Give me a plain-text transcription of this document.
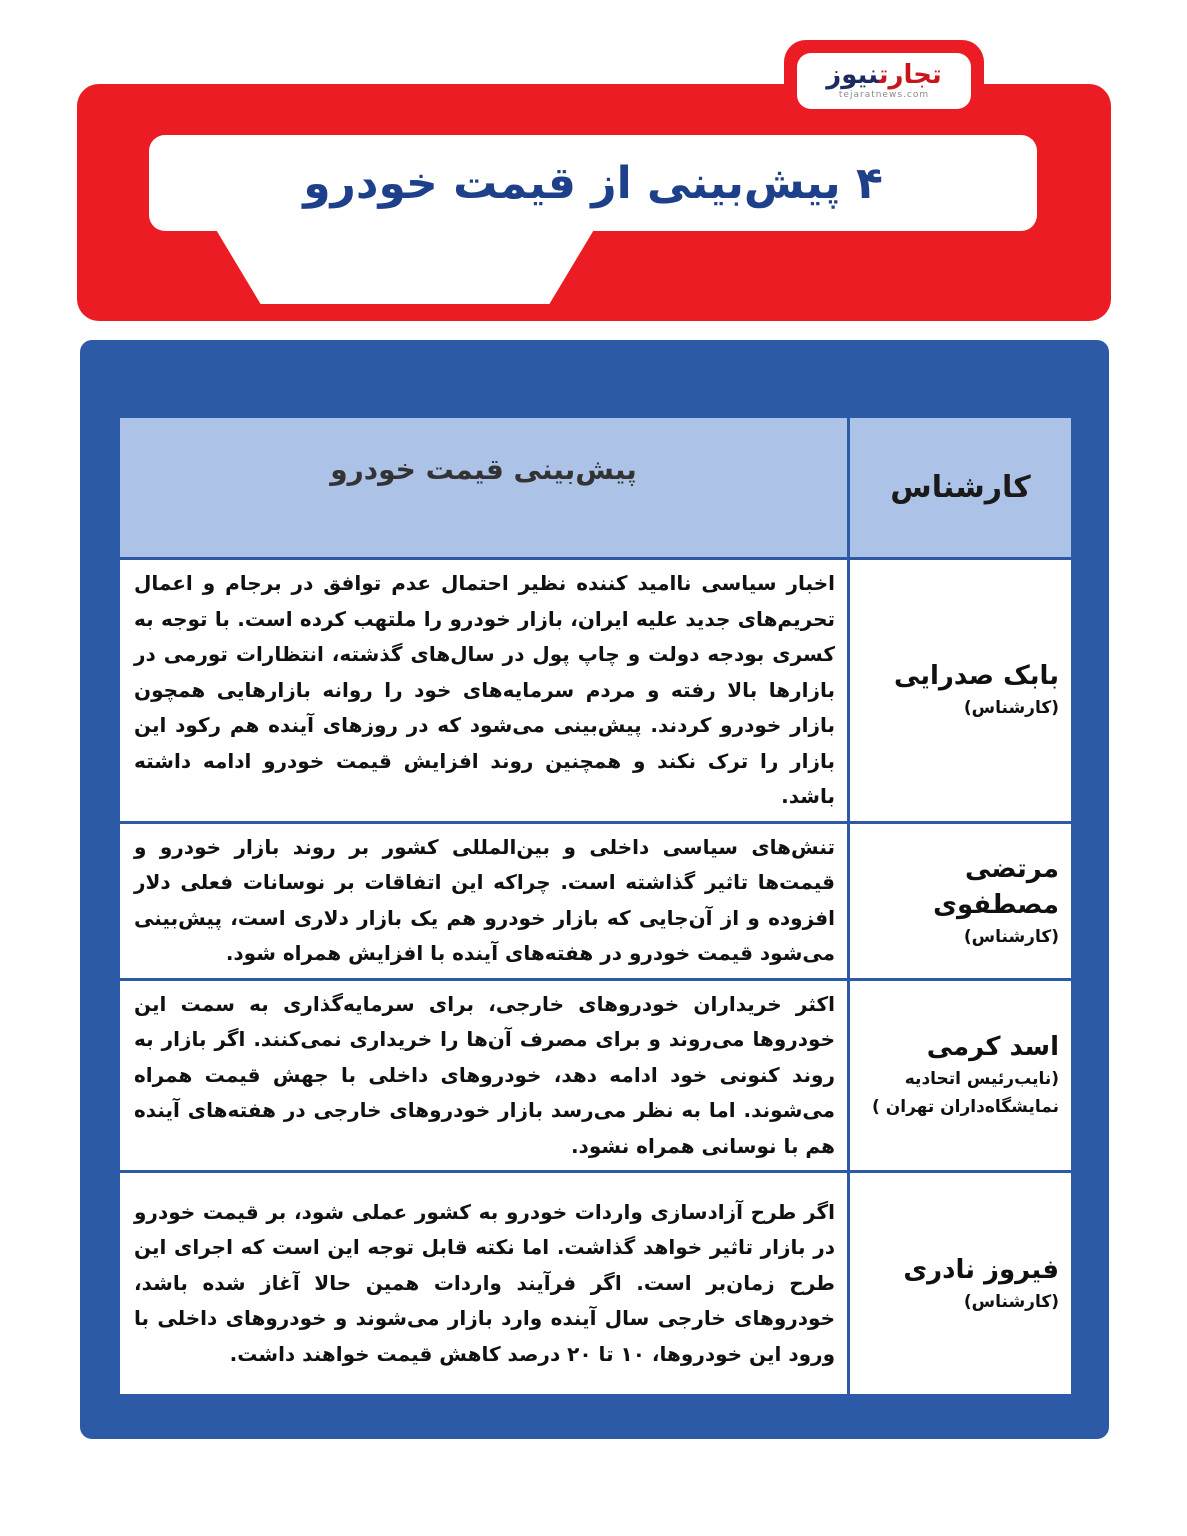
تجارتنیوز
tejaratnews.com
۴ پیش‌بینی از قیمت خودرو
کارشناس	پیش‌بینی قیمت خودرو

بابک صدرایی
(کارشناس)	اخبار سیاسی ناامید کننده نظیر احتمال عدم توافق در برجام و اعمال تحریم‌های جدید علیه ایران، بازار خودرو را ملتهب کرده است. با توجه به کسری بودجه دولت و چاپ پول در سال‌های گذشته، انتظارات تورمی در بازارها بالا رفته و مردم سرمایه‌های خود را روانه بازارهایی همچون بازار خودرو کردند. پیش‌بینی می‌شود که در روزهای آینده هم رکود این بازار را ترک نکند و همچنین روند افزایش قیمت خودرو ادامه داشته باشد.

مرتضی مصطفوی
(کارشناس)	تنش‌های سیاسی داخلی و بین‌المللی کشور بر روند بازار خودرو و قیمت‌ها تاثیر گذاشته است. چراکه این اتفاقات بر نوسانات فعلی دلار افزوده و از آن‌جایی که بازار خودرو هم یک بازار دلاری است، پیش‌بینی می‌شود قیمت خودرو در هفته‌های آینده با افزایش همراه شود.

اسد کرمی
(نایب‌رئیس اتحادیه نمایشگاه‌داران تهران )	اکثر خریداران خودروهای خارجی، برای سرمایه‌گذاری به سمت این خودروها می‌روند و برای مصرف آن‌ها را خریداری نمی‌کنند. اگر بازار به روند کنونی خود ادامه دهد، خودروهای داخلی با جهش قیمت همراه می‌شوند. اما به نظر می‌رسد بازار خودروهای خارجی در هفته‌های آینده هم با نوسانی همراه نشود.

فیروز نادری
(کارشناس)	اگر طرح آزادسازی واردات خودرو به کشور عملی شود، بر قیمت خودرو در بازار تاثیر خواهد گذاشت. اما نکته قابل توجه این است که اجرای این طرح زمان‌بر است. اگر فرآیند واردات همین حالا آغاز شده باشد، خودروهای خارجی سال آینده وارد بازار می‌شوند و خودروهای داخلی با ورود این خودروها، ۱۰ تا ۲۰ درصد کاهش قیمت خواهند داشت.
